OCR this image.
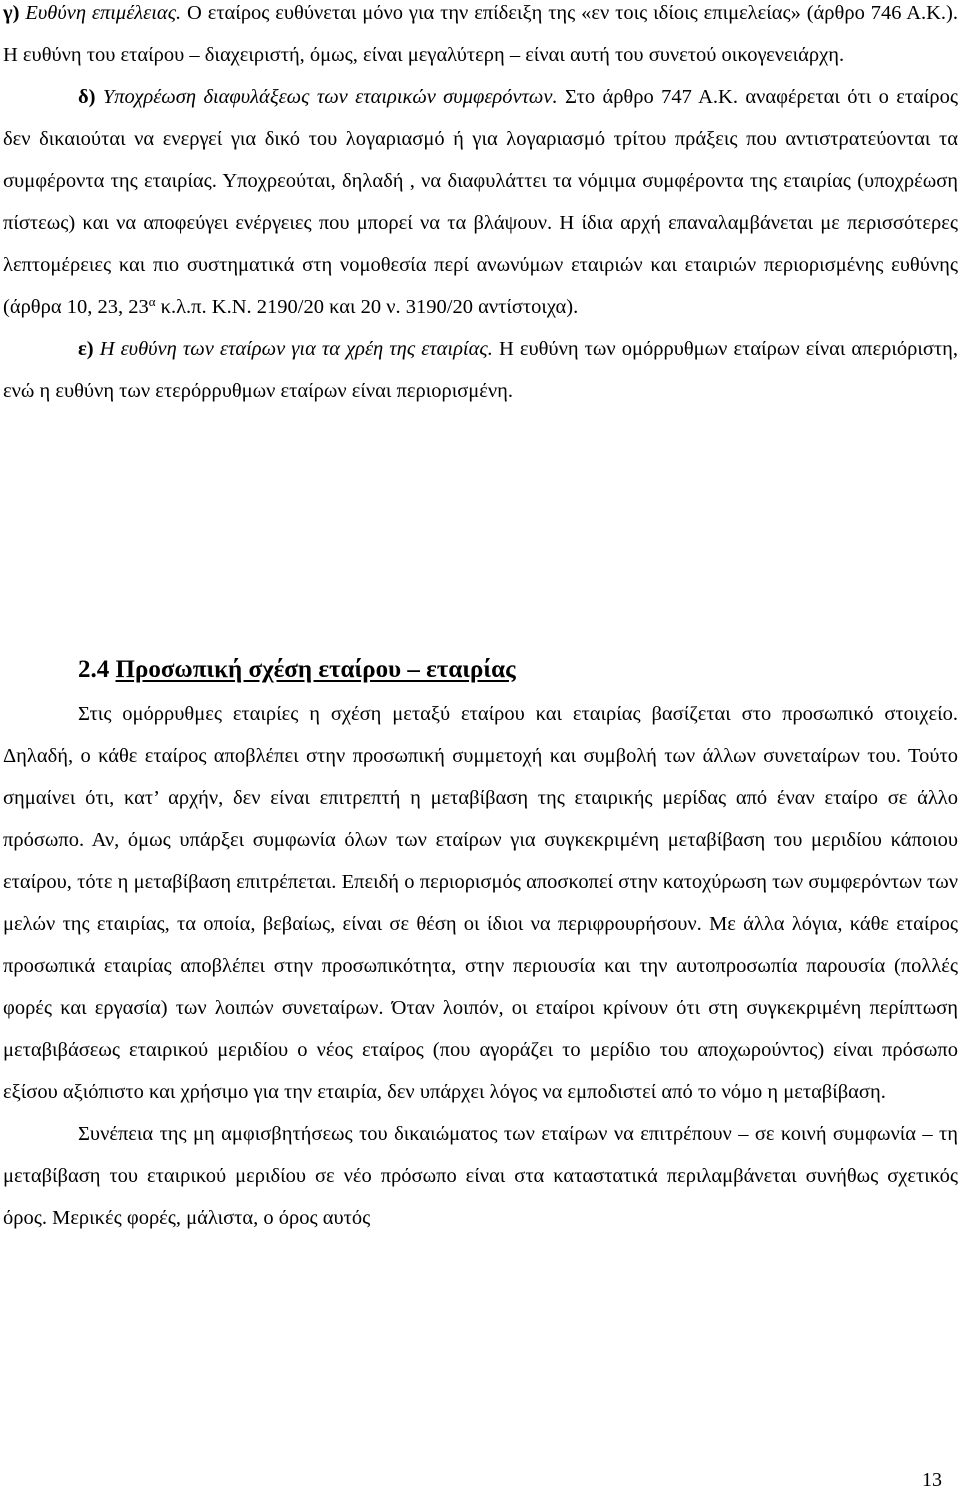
γ) Ευθύνη επιμέλειας. Ο εταίρος ευθύνεται μόνο για την επίδειξη της «εν τοις ιδίοις επιμελείας» (άρθρο 746 Α.Κ.). Η ευθύνη του εταίρου – διαχειριστή, όμως, είναι μεγαλύτερη – είναι αυτή του συνετού οικογενειάρχη.

δ) Υποχρέωση διαφυλάξεως των εταιρικών συμφερόντων. Στο άρθρο 747 Α.Κ. αναφέρεται ότι ο εταίρος δεν δικαιούται να ενεργεί για δικό του λογαριασμό ή για λογαριασμό τρίτου πράξεις που αντιστρατεύονται τα συμφέροντα της εταιρίας. Υποχρεούται, δηλαδή , να διαφυλάττει τα νόμιμα συμφέροντα της εταιρίας (υποχρέωση πίστεως) και να αποφεύγει ενέργειες που μπορεί να τα βλάψουν. Η ίδια αρχή επαναλαμβάνεται με περισσότερες λεπτομέρειες και πιο συστηματικά στη νομοθεσία περί ανωνύμων εταιριών και εταιριών περιορισμένης ευθύνης (άρθρα 10, 23, $23^\alpha$ κ.λ.π. Κ.Ν. 2190/20 και 20 ν. 3190/20 αντίστοιχα).

ε) Η ευθύνη των εταίρων για τα χρέη της εταιρίας. Η ευθύνη των ομόρρυθμων εταίρων είναι απεριόριστη, ενώ η ευθύνη των ετερόρρυθμων εταίρων είναι περιορισμένη.

2.4 Προσωπική σχέση εταίρου – εταιρίας

Στις ομόρρυθμες εταιρίες η σχέση μεταξύ εταίρου και εταιρίας βασίζεται στο προσωπικό στοιχείο. Δηλαδή, ο κάθε εταίρος αποβλέπει στην προσωπική συμμετοχή και συμβολή των άλλων συνεταίρων του. Τούτο σημαίνει ότι, κατ’ αρχήν, δεν είναι επιτρεπτή η μεταβίβαση της εταιρικής μερίδας από έναν εταίρο σε άλλο πρόσωπο. Αν, όμως υπάρξει συμφωνία όλων των εταίρων για συγκεκριμένη μεταβίβαση του μεριδίου κάποιου εταίρου, τότε η μεταβίβαση επιτρέπεται. Επειδή ο περιορισμός αποσκοπεί στην κατοχύρωση των συμφερόντων των μελών της εταιρίας, τα οποία, βεβαίως, είναι σε θέση οι ίδιοι να περιφρουρήσουν. Με άλλα λόγια, κάθε εταίρος προσωπικά εταιρίας αποβλέπει στην προσωπικότητα, στην περιουσία και την αυτοπροσωπία παρουσία (πολλές φορές και εργασία) των λοιπών συνεταίρων. Όταν λοιπόν, οι εταίροι κρίνουν ότι στη συγκεκριμένη περίπτωση μεταβιβάσεως εταιρικού μεριδίου ο νέος εταίρος (που αγοράζει το μερίδιο του αποχωρούντος) είναι πρόσωπο εξίσου αξιόπιστο και χρήσιμο για την εταιρία, δεν υπάρχει λόγος να εμποδιστεί από το νόμο η μεταβίβαση.

Συνέπεια της μη αμφισβητήσεως του δικαιώματος των εταίρων να επιτρέπουν – σε κοινή συμφωνία – τη μεταβίβαση του εταιρικού μεριδίου σε νέο πρόσωπο είναι στα καταστατικά περιλαμβάνεται συνήθως σχετικός όρος. Μερικές φορές, μάλιστα, ο όρος αυτός

13
